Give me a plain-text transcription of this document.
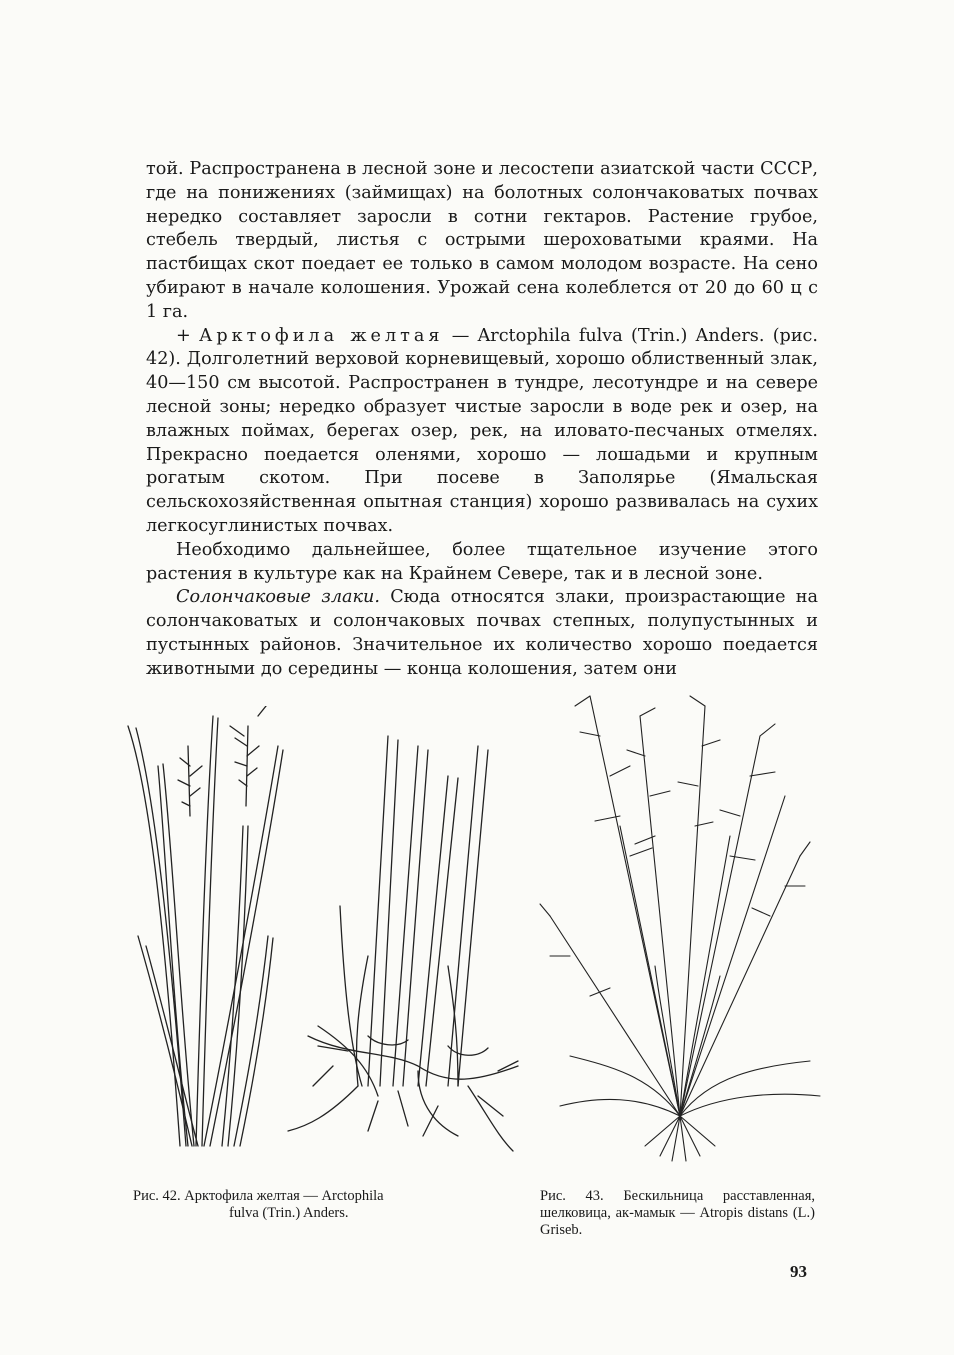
той. Распространена в лесной зоне и лесостепи азиатской части СССР, где на понижениях (займищах) на болотных солончаковатых почвах нередко составляет заросли в сотни гектаров. Растение грубое, стебель твердый, листья с острыми шероховатыми краями. На пастбищах скот поедает ее только в самом молодом возрасте. На сено убирают в начале колошения. Урожай сена колеблется от 20 до 60 ц с 1 га.

+ Арктофила желтая — Arctophila fulva (Trin.) Anders. (рис. 42). Долголетний верховой корневищевый, хорошо облиственный злак, 40—150 см высотой. Распространен в тундре, лесотундре и на севере лесной зоны; нередко образует чистые заросли в воде рек и озер, на влажных поймах, берегах озер, рек, на иловато-песчаных отмелях. Прекрасно поедается оленями, хорошо — лошадьми и крупным рогатым скотом. При посеве в Заполярье (Ямальская сельскохозяйственная опытная станция) хорошо развивалась на сухих легкосуглинистых почвах.

Необходимо дальнейшее, более тщательное изучение этого растения в культуре как на Крайнем Севере, так и в лесной зоне.

Солончаковые злаки. Сюда относятся злаки, произрастающие на солончаковатых и солончаковых почвах степных, полупустынных и пустынных районов. Значительное их количество хорошо поедается животными до середины — конца колошения, затем они

Рис. 42. Арктофила желтая — Arctophila
fulva (Trin.) Anders.
Рис. 43. Бескильница расставленная, шелковица, ак-мамык — Atropis distans (L.) Griseb.
93
